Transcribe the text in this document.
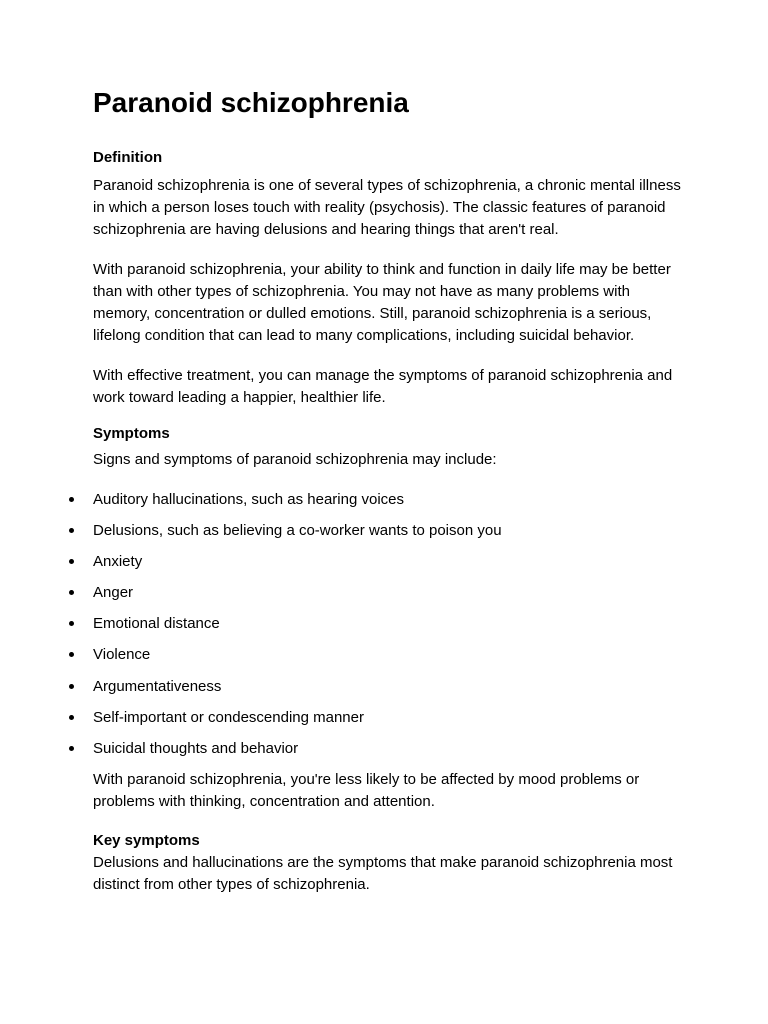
Paranoid schizophrenia
Definition

Paranoid schizophrenia is one of several types of schizophrenia, a chronic mental illness in which a person loses touch with reality (psychosis). The classic features of paranoid schizophrenia are having delusions and hearing things that aren't real.

With paranoid schizophrenia, your ability to think and function in daily life may be better than with other types of schizophrenia. You may not have as many problems with memory, concentration or dulled emotions. Still, paranoid schizophrenia is a serious, lifelong condition that can lead to many complications, including suicidal behavior.

With effective treatment, you can manage the symptoms of paranoid schizophrenia and work toward leading a happier, healthier life.

Symptoms

Signs and symptoms of paranoid schizophrenia may include:

Auditory hallucinations, such as hearing voices
Delusions, such as believing a co-worker wants to poison you
Anxiety
Anger
Emotional distance
Violence
Argumentativeness
Self-important or condescending manner
Suicidal thoughts and behavior

With paranoid schizophrenia, you're less likely to be affected by mood problems or problems with thinking, concentration and attention.

Key symptoms

Delusions and hallucinations are the symptoms that make paranoid schizophrenia most distinct from other types of schizophrenia.
